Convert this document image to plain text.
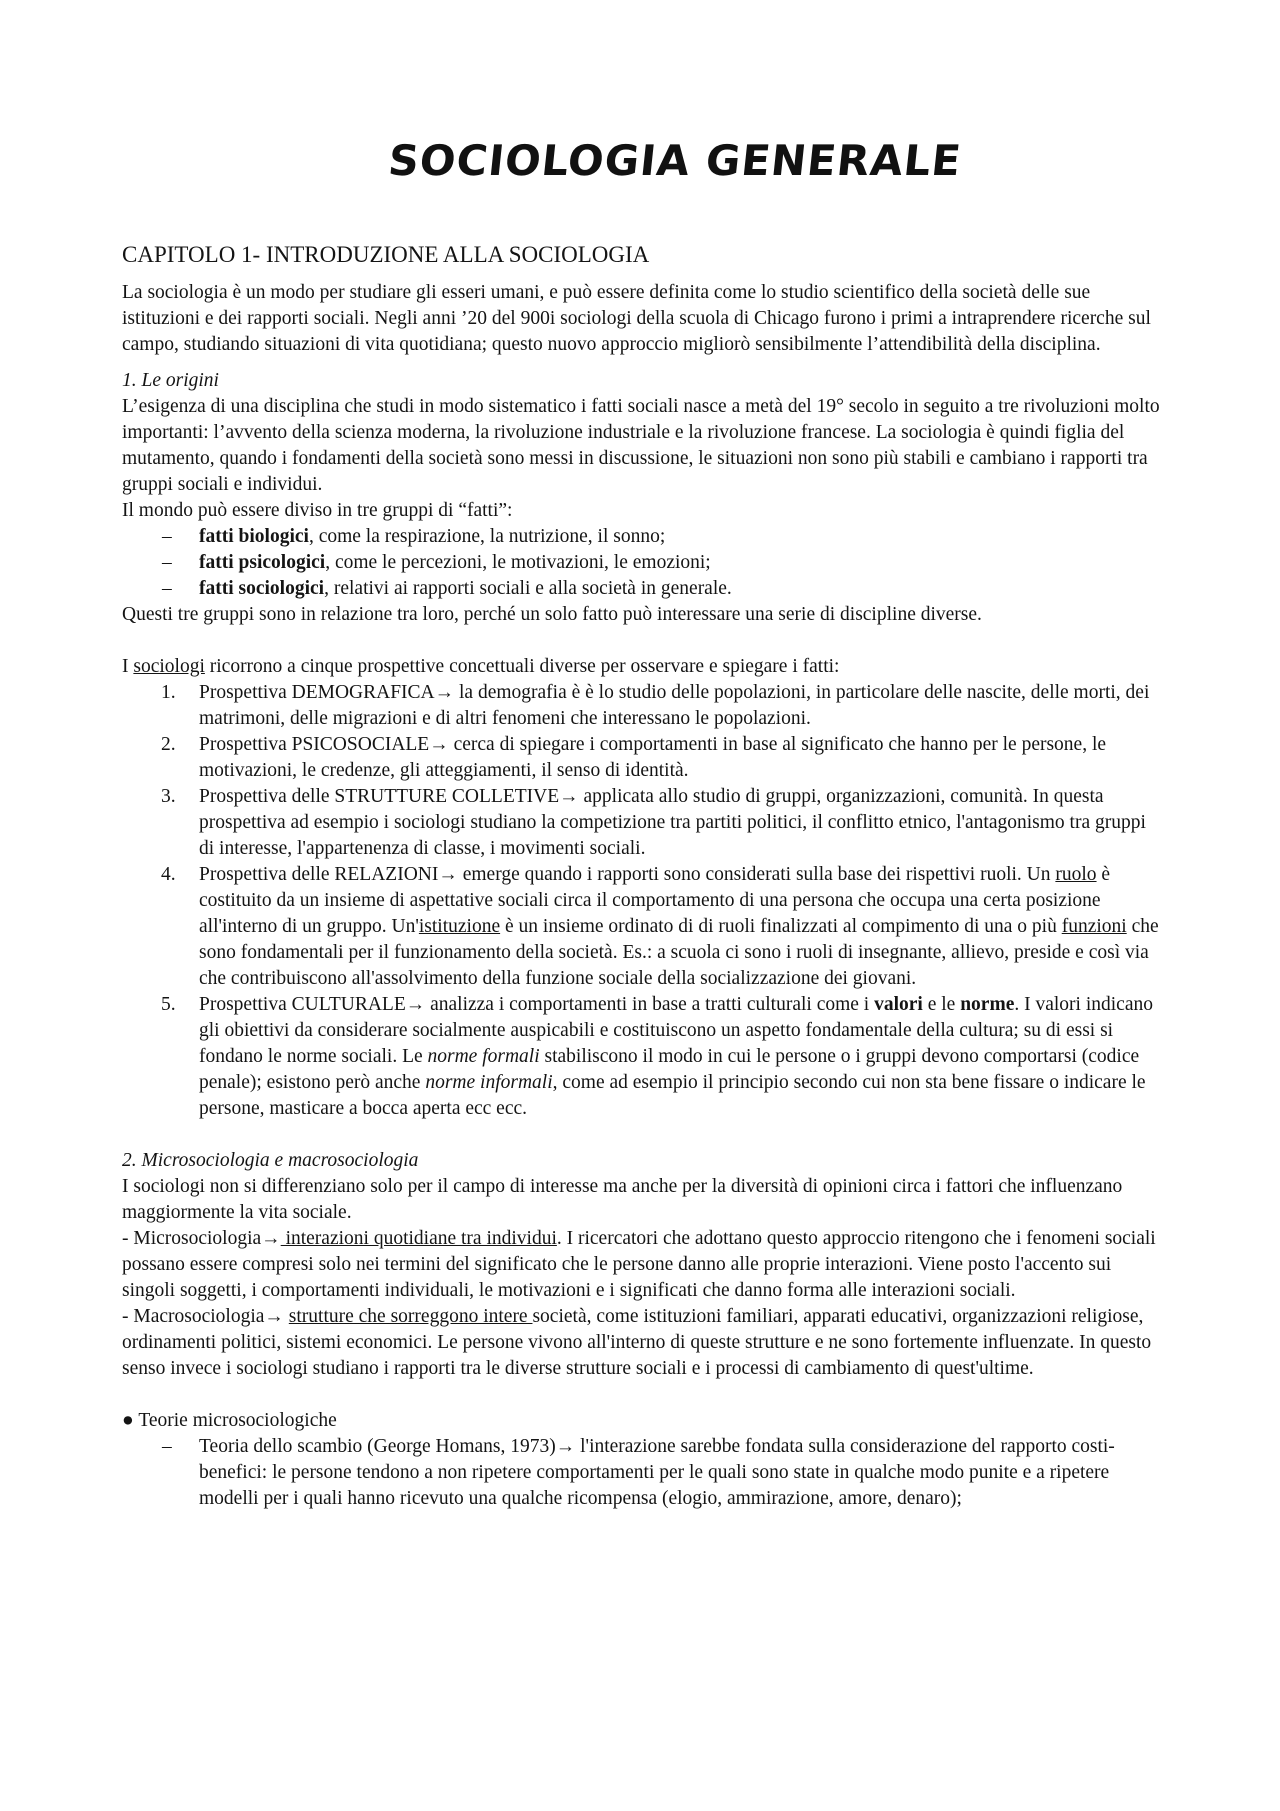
SOCIOLOGIA GENERALE

CAPITOLO 1- INTRODUZIONE ALLA SOCIOLOGIA

La sociologia è un modo per studiare gli esseri umani, e può essere definita come lo studio scientifico della società delle sue istituzioni e dei rapporti sociali. Negli anni ’20 del 900i sociologi della scuola di Chicago furono i primi a intraprendere ricerche sul campo, studiando situazioni di vita quotidiana; questo nuovo approccio migliorò sensibilmente l’attendibilità della disciplina.

1. Le origini

L’esigenza di una disciplina che studi in modo sistematico i fatti sociali nasce a metà del 19° secolo in seguito a tre rivoluzioni molto importanti: l’avvento della scienza moderna, la rivoluzione industriale e la rivoluzione francese. La sociologia è quindi figlia del mutamento, quando i fondamenti della società sono messi in discussione, le situazioni non sono più stabili e cambiano i rapporti tra gruppi sociali e individui.

Il mondo può essere diviso in tre gruppi di “fatti”:

– fatti biologici, come la respirazione, la nutrizione, il sonno;
– fatti psicologici, come le percezioni, le motivazioni, le emozioni;
– fatti sociologici, relativi ai rapporti sociali e alla società in generale.

Questi tre gruppi sono in relazione tra loro, perché un solo fatto può interessare una serie di discipline diverse.

I sociologi ricorrono a cinque prospettive concettuali diverse per osservare e spiegare i fatti:

1. Prospettiva DEMOGRAFICA→ la demografia è è lo studio delle popolazioni, in particolare delle nascite, delle morti, dei matrimoni, delle migrazioni e di altri fenomeni che interessano le popolazioni.
2. Prospettiva PSICOSOCIALE→ cerca di spiegare i comportamenti in base al significato che hanno per le persone, le motivazioni, le credenze, gli atteggiamenti, il senso di identità.
3. Prospettiva delle STRUTTURE COLLETIVE→ applicata allo studio di gruppi, organizzazioni, comunità. In questa prospettiva ad esempio i sociologi studiano la competizione tra partiti politici, il conflitto etnico, l'antagonismo tra gruppi di interesse, l'appartenenza di classe, i movimenti sociali.
4. Prospettiva delle RELAZIONI→ emerge quando i rapporti sono considerati sulla base dei rispettivi ruoli. Un ruolo è costituito da un insieme di aspettative sociali circa il comportamento di una persona che occupa una certa posizione all'interno di un gruppo. Un'istituzione è un insieme ordinato di di ruoli finalizzati al compimento di una o più funzioni che sono fondamentali per il funzionamento della società. Es.: a scuola ci sono i ruoli di insegnante, allievo, preside e così via che contribuiscono all'assolvimento della funzione sociale della socializzazione dei giovani.
5. Prospettiva CULTURALE→ analizza i comportamenti in base a tratti culturali come i valori e le norme. I valori indicano gli obiettivi da considerare socialmente auspicabili e costituiscono un aspetto fondamentale della cultura; su di essi si fondano le norme sociali. Le norme formali stabiliscono il modo in cui le persone o i gruppi devono comportarsi (codice penale); esistono però anche norme informali, come ad esempio il principio secondo cui non sta bene fissare o indicare le persone, masticare a bocca aperta ecc ecc.

2. Microsociologia e macrosociologia

I sociologi non si differenziano solo per il campo di interesse ma anche per la diversità di opinioni circa i fattori che influenzano maggiormente la vita sociale.

- Microsociologia→ interazioni quotidiane tra individui. I ricercatori che adottano questo approccio ritengono che i fenomeni sociali possano essere compresi solo nei termini del significato che le persone danno alle proprie interazioni. Viene posto l'accento sui singoli soggetti, i comportamenti individuali, le motivazioni e i significati che danno forma alle interazioni sociali.

- Macrosociologia→ strutture che sorreggono intere società, come istituzioni familiari, apparati educativi, organizzazioni religiose, ordinamenti politici, sistemi economici. Le persone vivono all'interno di queste strutture e ne sono fortemente influenzate. In questo senso invece i sociologi studiano i rapporti tra le diverse strutture sociali e i processi di cambiamento di quest'ultime.

● Teorie microsociologiche

– Teoria dello scambio (George Homans, 1973)→ l'interazione sarebbe fondata sulla considerazione del rapporto costi-benefici: le persone tendono a non ripetere comportamenti per le quali sono state in qualche modo punite e a ripetere modelli per i quali hanno ricevuto una qualche ricompensa (elogio, ammirazione, amore, denaro);
